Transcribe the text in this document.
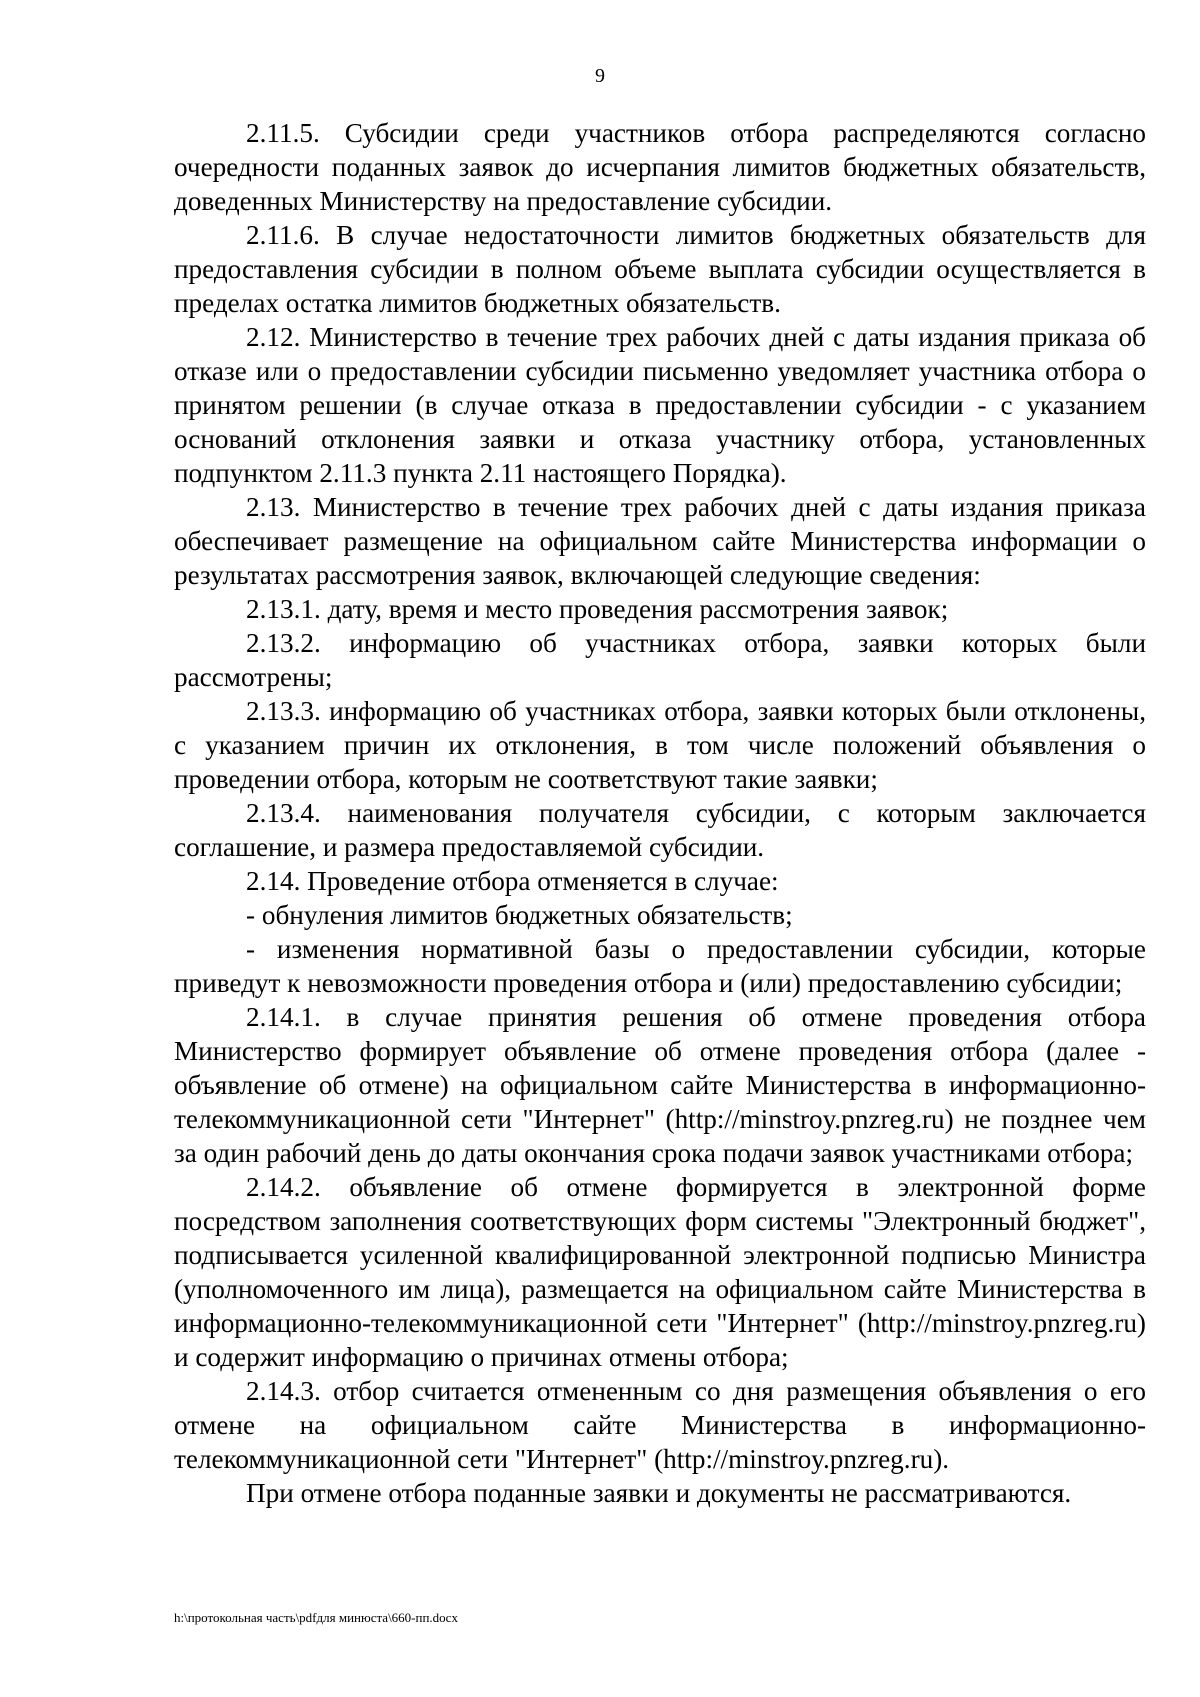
9

2.11.5. Субсидии среди участников отбора распределяются согласно очередности поданных заявок до исчерпания лимитов бюджетных обязательств, доведенных Министерству на предоставление субсидии.

2.11.6. В случае недостаточности лимитов бюджетных обязательств для предоставления субсидии в полном объеме выплата субсидии осуществляется в пределах остатка лимитов бюджетных обязательств.

2.12. Министерство в течение трех рабочих дней с даты издания приказа об отказе или о предоставлении субсидии письменно уведомляет участника отбора о принятом решении (в случае отказа в предоставлении субсидии - с указанием оснований отклонения заявки и отказа участнику отбора, установленных подпунктом 2.11.3 пункта 2.11 настоящего Порядка).

2.13. Министерство в течение трех рабочих дней с даты издания приказа обеспечивает размещение на официальном сайте Министерства информации о результатах рассмотрения заявок, включающей следующие сведения:

2.13.1. дату, время и место проведения рассмотрения заявок;

2.13.2. информацию об участниках отбора, заявки которых были рассмотрены;

2.13.3. информацию об участниках отбора, заявки которых были отклонены, с указанием причин их отклонения, в том числе положений объявления о проведении отбора, которым не соответствуют такие заявки;

2.13.4. наименования получателя субсидии, с которым заключается соглашение, и размера предоставляемой субсидии.

2.14. Проведение отбора отменяется в случае:

- обнуления лимитов бюджетных обязательств;

- изменения нормативной базы о предоставлении субсидии, которые приведут к невозможности проведения отбора и (или) предоставлению субсидии;

2.14.1. в случае принятия решения об отмене проведения отбора Министерство формирует объявление об отмене проведения отбора (далее - объявление об отмене) на официальном сайте Министерства в информационно-телекоммуникационной сети "Интернет" (http://minstroy.pnzreg.ru) не позднее чем за один рабочий день до даты окончания срока подачи заявок участниками отбора;

2.14.2. объявление об отмене формируется в электронной форме посредством заполнения соответствующих форм системы "Электронный бюджет", подписывается усиленной квалифицированной электронной подписью Министра (уполномоченного им лица), размещается на официальном сайте Министерства в информационно-телекоммуникационной сети "Интернет" (http://minstroy.pnzreg.ru) и содержит информацию о причинах отмены отбора;

2.14.3. отбор считается отмененным со дня размещения объявления о его отмене на официальном сайте Министерства в информационно-телекоммуникационной сети "Интернет" (http://minstroy.pnzreg.ru).

При отмене отбора поданные заявки и документы не рассматриваются.

h:\протокольная часть\pdfдля минюста\660-пп.docx
